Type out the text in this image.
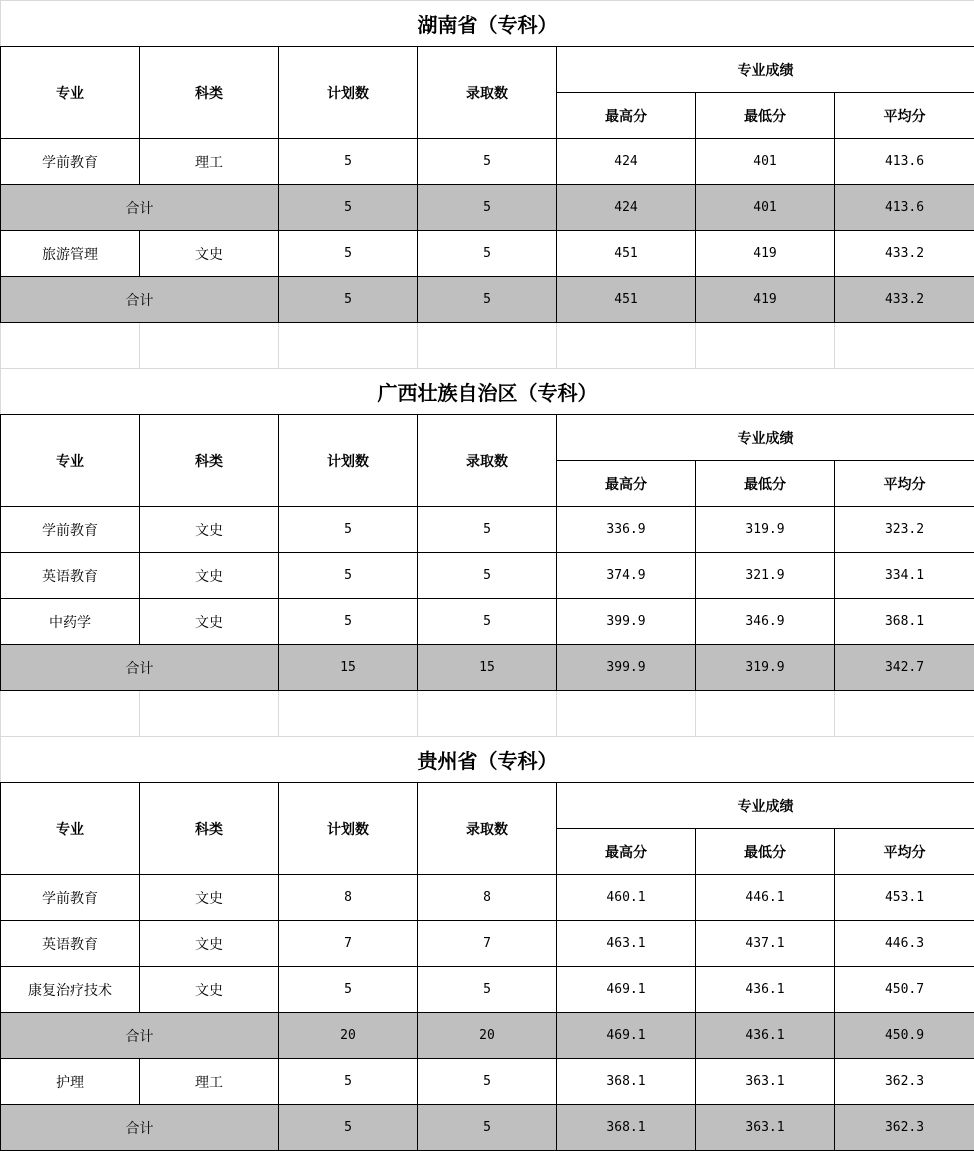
湖南省（专科）						
专业	科类	计划数	录取数	专业成绩		
				最高分	最低分	平均分
学前教育	理工	5	5	424	401	413.6
合计		5	5	424	401	413.6
旅游管理	文史	5	5	451	419	433.2
合计		5	5	451	419	433.2

广西壮族自治区（专科）						
专业	科类	计划数	录取数	专业成绩		
				最高分	最低分	平均分
学前教育	文史	5	5	336.9	319.9	323.2
英语教育	文史	5	5	374.9	321.9	334.1
中药学	文史	5	5	399.9	346.9	368.1
合计		15	15	399.9	319.9	342.7

贵州省（专科）						
专业	科类	计划数	录取数	专业成绩		
				最高分	最低分	平均分
学前教育	文史	8	8	460.1	446.1	453.1
英语教育	文史	7	7	463.1	437.1	446.3
康复治疗技术	文史	5	5	469.1	436.1	450.7
合计		20	20	469.1	436.1	450.9
护理	理工	5	5	368.1	363.1	362.3
合计		5	5	368.1	363.1	362.3
